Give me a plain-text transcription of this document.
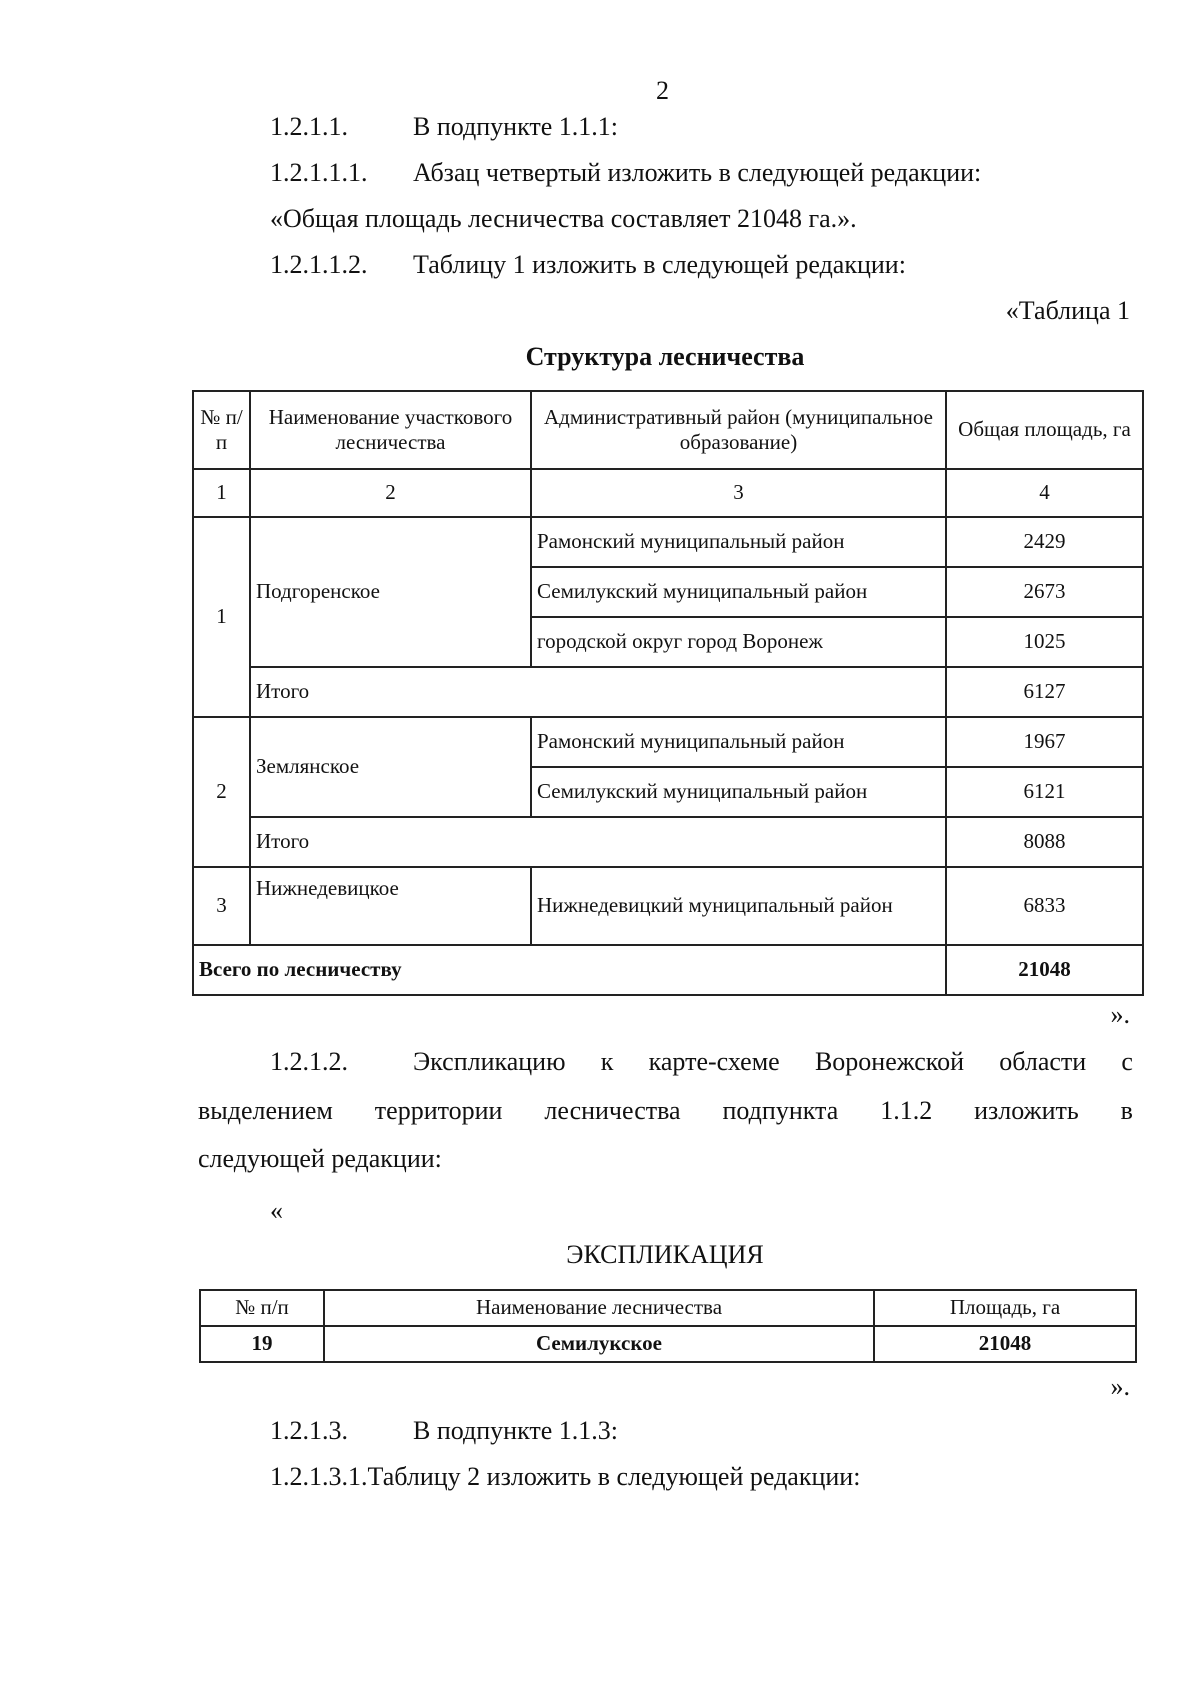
2
1.2.1.1.	В подпункте 1.1.1:
1.2.1.1.1. Абзац четвертый изложить в следующей редакции:
«Общая площадь лесничества составляет 21048 га.».
1.2.1.1.2. Таблицу 1 изложить в следующей редакции:
«Таблица 1
Структура лесничества
№ п/п	Наименование участкового лесничества	Административный район (муниципальное образование)	Общая площадь, га
1	2	3	4
1	Подгоренское	Рамонский муниципальный район	2429
		Семилукский муниципальный район	2673
		городской округ город Воронеж	1025
	Итого		6127
2	Землянское	Рамонский муниципальный район	1967
		Семилукский муниципальный район	6121
	Итого		8088
3	Нижнедевицкое	Нижнедевицкий муниципальный район	6833
Всего по лесничеству			21048
».
1.2.1.2.	Экспликацию к карте-схеме Воронежской области с
выделением территории лесничества подпункта 1.1.2 изложить в
следующей редакции:
«
ЭКСПЛИКАЦИЯ
№ п/п	Наименование лесничества	Площадь, га
19	Семилукское	21048
».
1.2.1.3.	В подпункте 1.1.3:
1.2.1.3.1.Таблицу 2 изложить в следующей редакции:
